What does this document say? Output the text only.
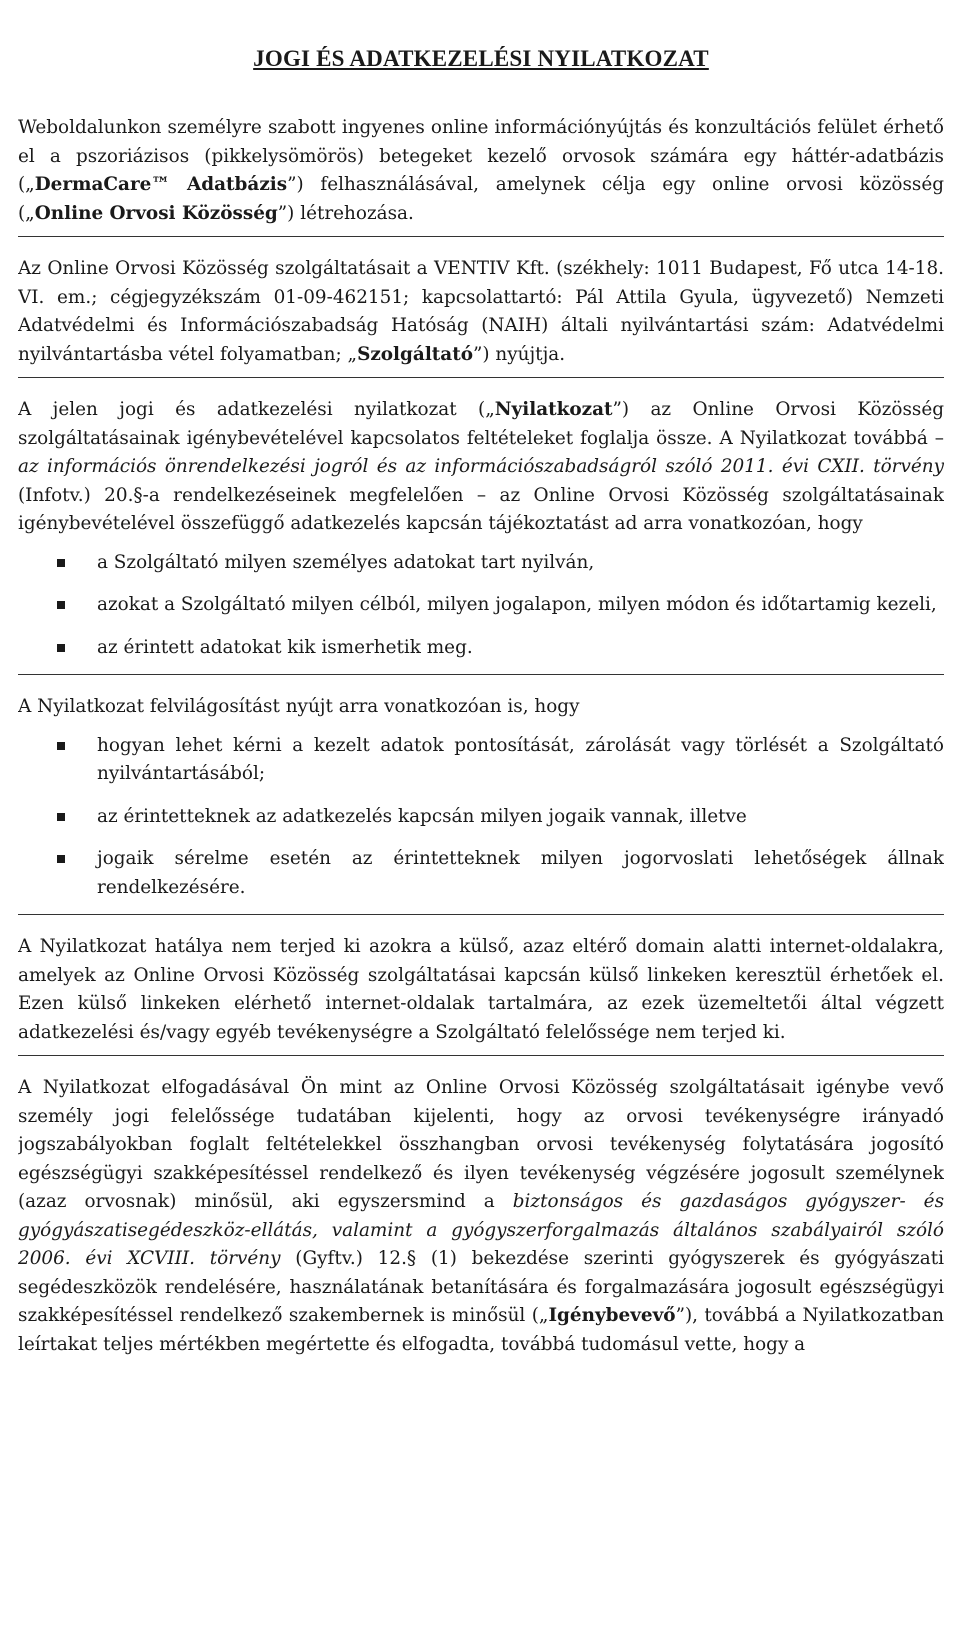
JOGI ÉS ADATKEZELÉSI NYILATKOZAT

Weboldalunkon személyre szabott ingyenes online információnyújtás és konzultációs felület érhető el a pszoriázisos (pikkelysömörös) betegeket kezelő orvosok számára egy háttér-adatbázis („DermaCare™ Adatbázis”) felhasználásával, amelynek célja egy online orvosi közösség („Online Orvosi Közösség”) létrehozása.

Az Online Orvosi Közösség szolgáltatásait a VENTIV Kft. (székhely: 1011 Budapest, Fő utca 14-18. VI. em.; cégjegyzékszám 01-09-462151; kapcsolattartó: Pál Attila Gyula, ügyvezető) Nemzeti Adatvédelmi és Információszabadság Hatóság (NAIH) általi nyilvántartási szám: Adatvédelmi nyilvántartásba vétel folyamatban; „Szolgáltató”) nyújtja.

A jelen jogi és adatkezelési nyilatkozat („Nyilatkozat”) az Online Orvosi Közösség szolgáltatásainak igénybevételével kapcsolatos feltételeket foglalja össze. A Nyilatkozat továbbá – az információs önrendelkezési jogról és az információszabadságról szóló 2011. évi CXII. törvény (Infotv.) 20.§-a rendelkezéseinek megfelelően – az Online Orvosi Közösség szolgáltatásainak igénybevételével összefüggő adatkezelés kapcsán tájékoztatást ad arra vonatkozóan, hogy

a Szolgáltató milyen személyes adatokat tart nyilván,
azokat a Szolgáltató milyen célból, milyen jogalapon, milyen módon és időtartamig kezeli,
az érintett adatokat kik ismerhetik meg.

A Nyilatkozat felvilágosítást nyújt arra vonatkozóan is, hogy

hogyan lehet kérni a kezelt adatok pontosítását, zárolását vagy törlését a Szolgáltató nyilvántartásából;
az érintetteknek az adatkezelés kapcsán milyen jogaik vannak, illetve
jogaik sérelme esetén az érintetteknek milyen jogorvoslati lehetőségek állnak rendelkezésére.

A Nyilatkozat hatálya nem terjed ki azokra a külső, azaz eltérő domain alatti internet-oldalakra, amelyek az Online Orvosi Közösség szolgáltatásai kapcsán külső linkeken keresztül érhetőek el. Ezen külső linkeken elérhető internet-oldalak tartalmára, az ezek üzemeltetői által végzett adatkezelési és/vagy egyéb tevékenységre a Szolgáltató felelőssége nem terjed ki.

A Nyilatkozat elfogadásával Ön mint az Online Orvosi Közösség szolgáltatásait igénybe vevő személy jogi felelőssége tudatában kijelenti, hogy az orvosi tevékenységre irányadó jogszabályokban foglalt feltételekkel összhangban orvosi tevékenység folytatására jogosító egészségügyi szakképesítéssel rendelkező és ilyen tevékenység végzésére jogosult személynek (azaz orvosnak) minősül, aki egyszersmind a biztonságos és gazdaságos gyógyszer- és gyógyászatisegédeszköz-ellátás, valamint a gyógyszerforgalmazás általános szabályairól szóló 2006. évi XCVIII. törvény (Gyftv.) 12.§ (1) bekezdése szerinti gyógyszerek és gyógyászati segédeszközök rendelésére, használatának betanítására és forgalmazására jogosult egészségügyi szakképesítéssel rendelkező szakembernek is minősül („Igénybevevő”), továbbá a Nyilatkozatban leírtakat teljes mértékben megértette és elfogadta, továbbá tudomásul vette, hogy a
